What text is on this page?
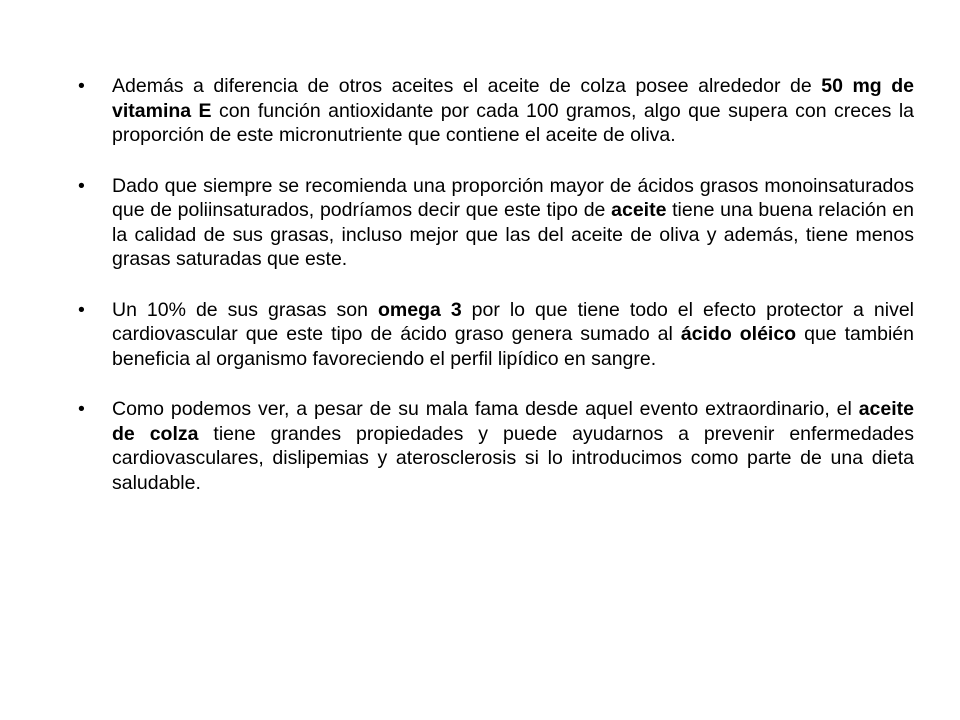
•	Además a diferencia de otros aceites el aceite de colza posee alrededor de 50 mg de vitamina E con función antioxidante por cada 100 gramos, algo que supera con creces la proporción de este micronutriente que contiene el aceite de oliva.
•	Dado que siempre se recomienda una proporción mayor de ácidos grasos monoinsaturados que de poliinsaturados, podríamos decir que este tipo de aceite tiene una buena relación en la calidad de sus grasas, incluso mejor que las del aceite de oliva y además, tiene menos grasas saturadas que este.
•	Un 10% de sus grasas son omega 3 por lo que tiene todo el efecto protector a nivel cardiovascular que este tipo de ácido graso genera sumado al ácido oléico que también beneficia al organismo favoreciendo el perfil lipídico en sangre.
•	Como podemos ver, a pesar de su mala fama desde aquel evento extraordinario, el aceite de colza tiene grandes propiedades y puede ayudarnos a prevenir enfermedades cardiovasculares, dislipemias y aterosclerosis si lo introducimos como parte de una dieta saludable.
